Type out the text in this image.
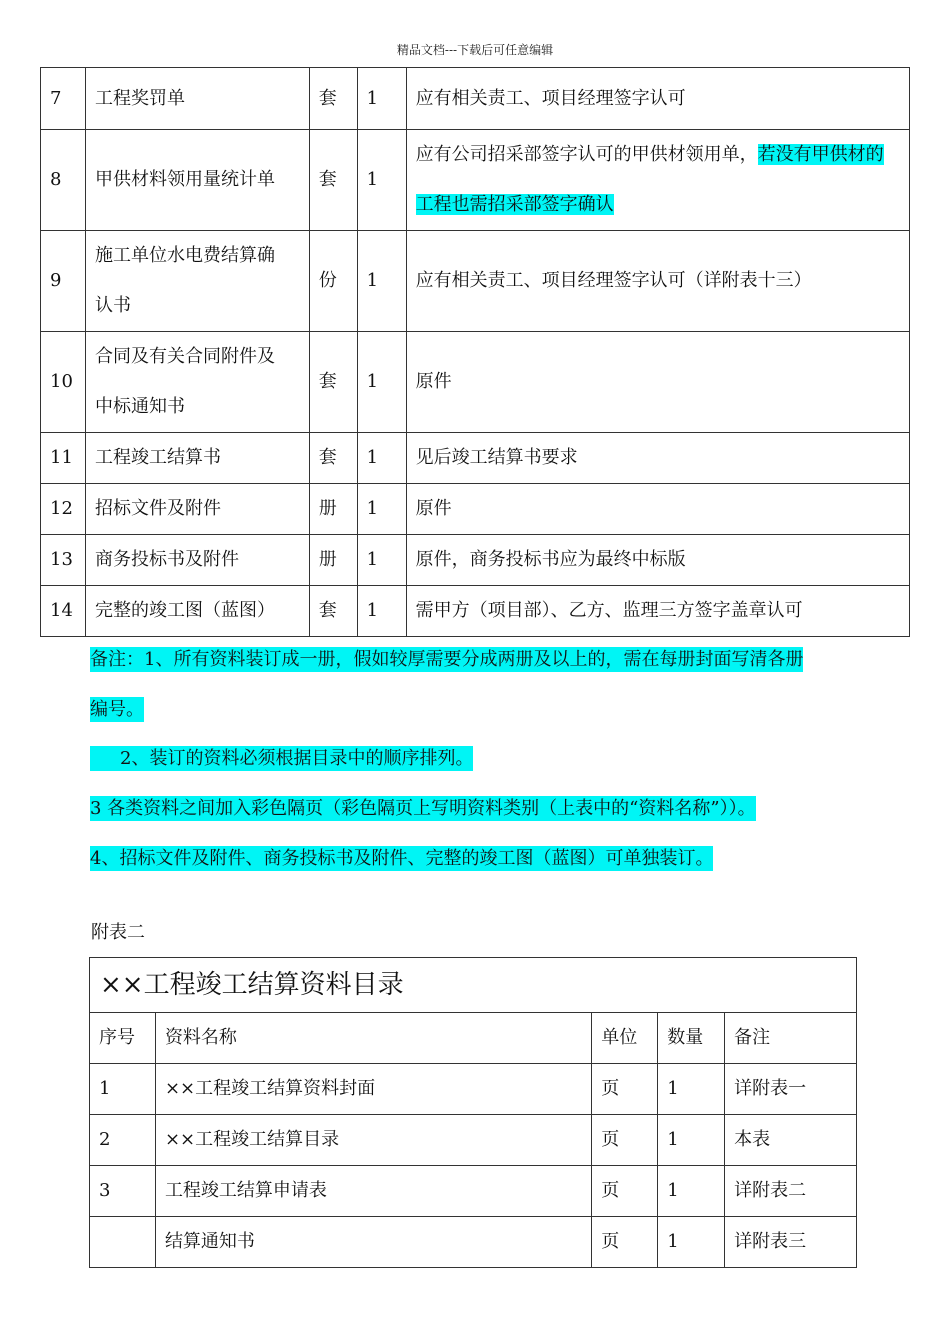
精品文档---下载后可任意编辑
7	工程奖罚单	套	1	应有相关责工、项目经理签字认可
8	甲供材料领用量统计单	套	1	应有公司招采部签字认可的甲供材领用单，若没有甲供材的工程也需招采部签字确认
9	施工单位水电费结算确认书	份	1	应有相关责工、项目经理签字认可（详附表十三）
10	合同及有关合同附件及中标通知书	套	1	原件
11	工程竣工结算书	套	1	见后竣工结算书要求
12	招标文件及附件	册	1	原件
13	商务投标书及附件	册	1	原件，商务投标书应为最终中标版
14	完整的竣工图（蓝图）	套	1	需甲方（项目部）、乙方、监理三方签字盖章认可
备注：1、所有资料装订成一册，假如较厚需要分成两册及以上的，需在每册封面写清各册
编号。
2、装订的资料必须根据目录中的顺序排列。
3 各类资料之间加入彩色隔页（彩色隔页上写明资料类别（上表中的“资料名称”））。
4、招标文件及附件、商务投标书及附件、完整的竣工图（蓝图）可单独装订。
附表二
××工程竣工结算资料目录				
序号	资料名称	单位	数量	备注
1	××工程竣工结算资料封面	页	1	详附表一
2	××工程竣工结算目录	页	1	本表
3	工程竣工结算申请表	页	1	详附表二
	结算通知书	页	1	详附表三
